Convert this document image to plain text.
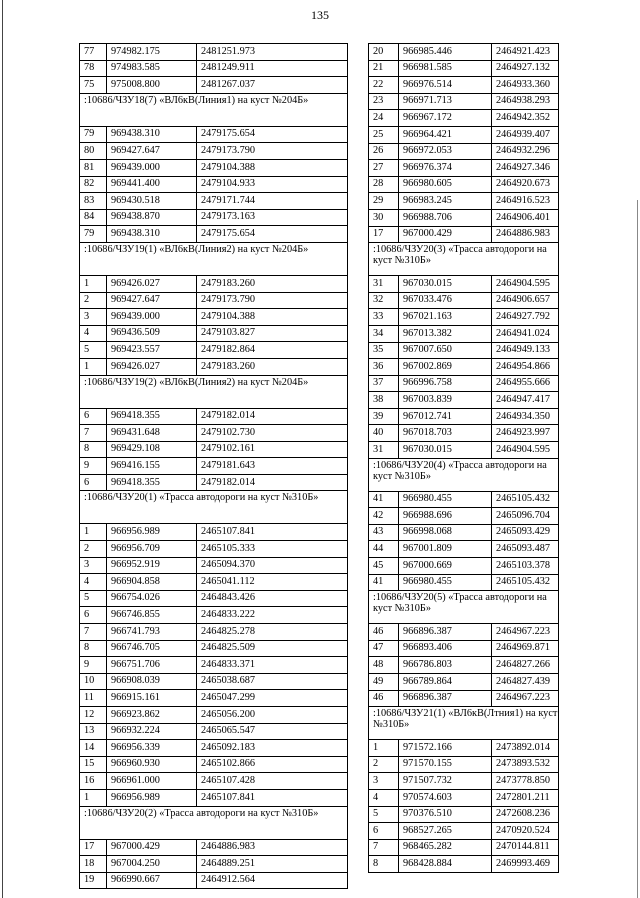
135
77	974982.175	2481251.973
78	974983.585	2481249.911
75	975008.800	2481267.037
:10686/ЧЗУ18(7) «ВЛ6кВ(Линия1) на куст №204Б»		
79	969438.310	2479175.654
80	969427.647	2479173.790
81	969439.000	2479104.388
82	969441.400	2479104.933
83	969430.518	2479171.744
84	969438.870	2479173.163
79	969438.310	2479175.654
:10686/ЧЗУ19(1) «ВЛ6кВ(Линия2) на куст №204Б»		
1	969426.027	2479183.260
2	969427.647	2479173.790
3	969439.000	2479104.388
4	969436.509	2479103.827
5	969423.557	2479182.864
1	969426.027	2479183.260
:10686/ЧЗУ19(2) «ВЛ6кВ(Линия2) на куст №204Б»		
6	969418.355	2479182.014
7	969431.648	2479102.730
8	969429.108	2479102.161
9	969416.155	2479181.643
6	969418.355	2479182.014
:10686/ЧЗУ20(1) «Трасса автодороги на куст №310Б»		
1	966956.989	2465107.841
2	966956.709	2465105.333
3	966952.919	2465094.370
4	966904.858	2465041.112
5	966754.026	2464843.426
6	966746.855	2464833.222
7	966741.793	2464825.278
8	966746.705	2464825.509
9	966751.706	2464833.371
10	966908.039	2465038.687
11	966915.161	2465047.299
12	966923.862	2465056.200
13	966932.224	2465065.547
14	966956.339	2465092.183
15	966960.930	2465102.866
16	966961.000	2465107.428
1	966956.989	2465107.841
:10686/ЧЗУ20(2) «Трасса автодороги на куст №310Б»		
17	967000.429	2464886.983
18	967004.250	2464889.251
19	966990.667	2464912.564
20	966985.446	2464921.423
21	966981.585	2464927.132
22	966976.514	2464933.360
23	966971.713	2464938.293
24	966967.172	2464942.352
25	966964.421	2464939.407
26	966972.053	2464932.296
27	966976.374	2464927.346
28	966980.605	2464920.673
29	966983.245	2464916.523
30	966988.706	2464906.401
17	967000.429	2464886.983
:10686/ЧЗУ20(3) «Трасса автодороги на куст №310Б»		
31	967030.015	2464904.595
32	967033.476	2464906.657
33	967021.163	2464927.792
34	967013.382	2464941.024
35	967007.650	2464949.133
36	967002.869	2464954.866
37	966996.758	2464955.666
38	967003.839	2464947.417
39	967012.741	2464934.350
40	967018.703	2464923.997
31	967030.015	2464904.595
:10686/ЧЗУ20(4) «Трасса автодороги на куст №310Б»		
41	966980.455	2465105.432
42	966988.696	2465096.704
43	966998.068	2465093.429
44	967001.809	2465093.487
45	967000.669	2465103.378
41	966980.455	2465105.432
:10686/ЧЗУ20(5) «Трасса автодороги на куст №310Б»		
46	966896.387	2464967.223
47	966893.406	2464969.871
48	966786.803	2464827.266
49	966789.864	2464827.439
46	966896.387	2464967.223
:10686/ЧЗУ21(1) «ВЛ6кВ(Лтния1) на куст №310Б»		
1	971572.166	2473892.014
2	971570.155	2473893.532
3	971507.732	2473778.850
4	970574.603	2472801.211
5	970376.510	2472608.236
6	968527.265	2470920.524
7	968465.282	2470144.811
8	968428.884	2469993.469
